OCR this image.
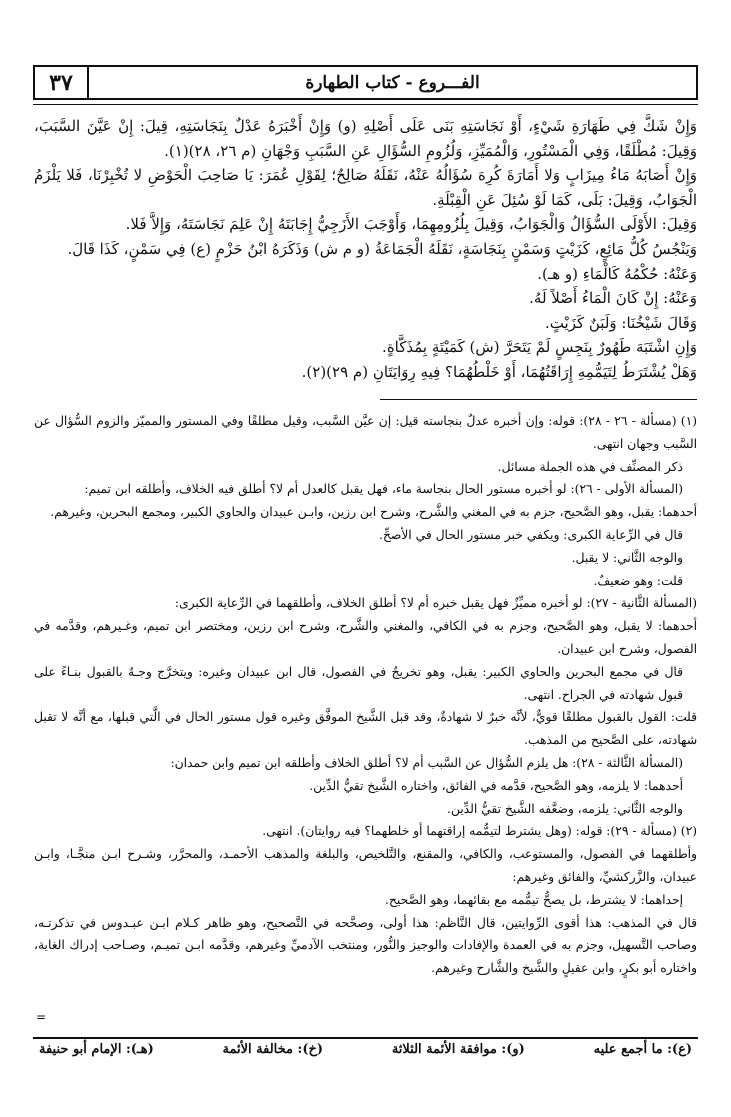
٣٧	الفـــروع - كتاب الطهارة

وَإِنْ شَكَّ فِي طَهَارَةِ شَيْءٍ، أَوْ نَجَاسَتِهِ بَنَى عَلَى أَصْلِهِ (و) وَإِنْ أَخْبَرَهُ عَدْلٌ بِنَجَاسَتِهِ، قِيلَ: إِنْ عَيَّنَ السَّبَبَ، وَقِيلَ: مُطْلَقًا، وَفِي الْمَسْتُورِ، وَالْمُمَيِّزِ، وَلُزُومِ السُّؤَالِ عَنِ السَّبَبِ وَجْهَانِ (م ٢٦، ٢٨)(١).

وَإِنْ أَصَابَهُ مَاءُ مِيزَابٍ وَلا أَمَارَةَ كُرِهَ سُؤَالُهُ عَنْهُ، نَقَلَهُ صَالِحٌ؛ لِقَوْلِ عُمَرَ: يَا صَاحِبَ الْحَوْضِ لا تُخْبِرْنَا، فَلا يَلْزَمُ الْجَوَابُ، وَقِيلَ: بَلَى، كَمَا لَوْ سُئِلَ عَنِ الْقِبْلَةِ.

وَقِيلَ: الأَوْلَى السُّؤَالُ وَالْجَوَابُ، وَقِيلَ بِلُزُومِهِمَا، وَأَوْجَبَ الأَزَجِيُّ إِجَابَتَهُ إِنْ عَلِمَ نَجَاسَتَهُ، وَإِلاَّ فَلا.

وَيَنْجُسُ كُلُّ مَائِعٍ، كَزَيْتٍ وَسَمْنٍ بِنَجَاسَةٍ، نَقَلَهُ الْجَمَاعَةُ (و م ش) وَذَكَرَهُ ابْنُ حَزْمٍ (ع) فِي سَمْنٍ، كَذَا قَالَ.

وَعَنْهُ: حُكْمُهُ كَالْمَاءِ (و هـ).

وَعَنْهُ: إِنْ كَانَ الْمَاءُ أَصْلاً لَهُ.

وَقَالَ شَيْخُنَا: وَلَبَنٌ كَزَيْتٍ.

وَإِنِ اشْتَبَهَ طَهُورٌ بِنَجِسٍ لَمْ يَتَحَرَّ (ش) كَمَيْتَةٍ بِمُذَكَّاةٍ.

وَهَلْ يُشْتَرَطُ لِتَيَمُّمِهِ إِرَاقَتُهُمَا، أَوْ خَلْطُهُمَا؟ فِيهِ رِوَايَتَانِ (م ٢٩)(٢).

(١) (مسألة - ٢٦ - ٢٨): قوله: وإن أخبره عدلٌ بنجاسته قيل: إن عيَّن السَّبب، وقيل مطلقًا وفي المستور والمميّز والزوم السُّؤال عن السَّبب وجهان انتهى.

ذكر المصنِّف في هذه الجملة مسائل.

(المسألة الأولى - ٢٦): لو أخبره مستور الحال بنجاسة ماء، فهل يقبل كالعدل أم لا؟ أطلق فيه الخلاف، وأطلقه ابن تميم:

أحدهما: يقبل، وهو الصَّحيح، جزم به في المغني والشَّرح، وشرح ابن رزين، وابـن عبيدان والحاوي الكبير، ومجمع البحرين، وغيرهم.

قال في الرِّعاية الكبرى: ويكفي خبر مستور الحال في الأصحِّ.

والوجه الثَّاني: لا يقبل.

قلت: وهو ضعيفٌ.

(المسألة الثَّانية - ٢٧): لو أخبره مميِّزٌ فهل يقبل خبره أم لا؟ أطلق الخلاف، وأطلقهما في الرِّعاية الكبرى:

أحدهما: لا يقبل، وهو الصَّحيح، وجزم به في الكافي، والمغني والشَّرح، وشرح ابن رزين، ومختصر ابن تميم، وغـيرهم، وقدَّمه في الفصول، وشرح ابن عبيدان.

قال في مجمع البحرين والحاوي الكبير: يقبل، وهو تخريجٌ في الفصول، قال ابن عبيدان وغيره: ويتخرَّج وجـهٌ بالقبول بنـاءً على قبول شهادته في الجراح. انتهى.

قلت: القول بالقبول مطلقًا قويٌّ، لأنَّه خبرٌ لا شهادةٌ، وقد قبل الشَّيخ الموفَّق وغيره قول مستور الحال في الَّتي قبلها، مع أنَّه لا تقبل شهادته، على الصَّحيح من المذهب.

(المسألة الثَّالثة - ٢٨): هل يلزم السُّؤال عن السَّبب أم لا؟ أطلق الخلاف وأطلقه ابن تميم وابن حمدان:

أحدهما: لا يلزمه، وهو الصَّحيح، قدَّمه في الفائق، واختاره الشَّيخ تقيُّ الدِّين.

والوجه الثَّاني: يلزمه، وضعَّفه الشَّيخ تقيُّ الدِّين.

(٢) (مسألة - ٢٩): قوله: (وهل يشترط لتيمُّمه إراقتهما أو خلطهما؟ فيه روايتان). انتهى.

وأطلقهما في الفصول، والمستوعب، والكافي، والمقنع، والتَّلخيص، والبلغة والمذهب الأحمـد، والمحرَّر، وشـرح ابـن منجَّـا، وابـن عبيدان، والزَّركشيِّ، والفائق وغيرهم:

إحداهما: لا يشترط، بل يصحُّ تيمُّمه مع بقائهما، وهو الصَّحيح.

قال في المذهب: هذا أقوى الرِّوايتين، قال النَّاظم: هذا أولى، وصحَّحه في التَّصحيح، وهو ظاهر كـلام ابـن عبـدوس في تذكرتـه، وصاحب التَّسهيل، وجزم به في العمدة والإفادات والوجيز والنُّور، ومنتخب الآدميِّ وغيرهم، وقدَّمه ابـن تميـم، وصـاحب إدراك الغاية، واختاره أبو بكرٍ، وابن عقيلٍ والشَّيخ والشَّارح وغيرهم.

=
(ع): ما أجمع عليه
(و): موافقة الأئمة الثلاثة
(خ): مخالفة الأئمة
(هـ): الإمام أبو حنيفة
